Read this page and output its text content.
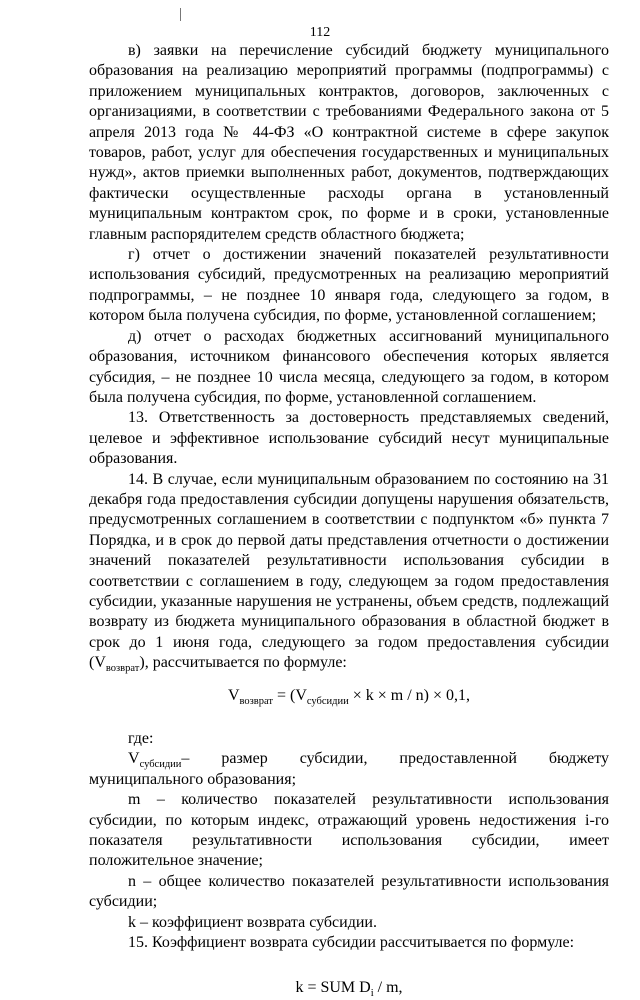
112

в) заявки на перечисление субсидий бюджету муниципального образования на реализацию мероприятий программы (подпрограммы) с приложением муниципальных контрактов, договоров, заключенных с организациями, в соответствии с требованиями Федерального закона от 5 апреля 2013 года № 44-ФЗ «О контрактной системе в сфере закупок товаров, работ, услуг для обеспечения государственных и муниципальных нужд», актов приемки выполненных работ, документов, подтверждающих фактически осуществленные расходы органа в установленный муниципальным контрактом срок, по форме и в сроки, установленные главным распорядителем средств областного бюджета;

г) отчет о достижении значений показателей результативности использования субсидий, предусмотренных на реализацию мероприятий подпрограммы, – не позднее 10 января года, следующего за годом, в котором была получена субсидия, по форме, установленной соглашением;

д) отчет о расходах бюджетных ассигнований муниципального образования, источником финансового обеспечения которых является субсидия, – не позднее 10 числа месяца, следующего за годом, в котором была получена субсидия, по форме, установленной соглашением.

13. Ответственность за достоверность представляемых сведений, целевое и эффективное использование субсидий несут муниципальные образования.

14. В случае, если муниципальным образованием по состоянию на 31 декабря года предоставления субсидии допущены нарушения обязательств, предусмотренных соглашением в соответствии с подпунктом «б» пункта 7 Порядка, и в срок до первой даты представления отчетности о достижении значений показателей результативности использования субсидии в соответствии с соглашением в году, следующем за годом предоставления субсидии, указанные нарушения не устранены, объем средств, подлежащий возврату из бюджета муниципального образования в областной бюджет в срок до 1 июня года, следующего за годом предоставления субсидии $(V_{возврат})$, рассчитывается по формуле:

$V_{возврат} = (V_{субсидии} \times k \times m / n) \times 0,1$,

где:

$V_{субсидии}-$ размер субсидии, предоставленной бюджету муниципального образования;

m – количество показателей результативности использования субсидии, по которым индекс, отражающий уровень недостижения i-го показателя результативности использования субсидии, имеет положительное значение;

n – общее количество показателей результативности использования субсидии;

k – коэффициент возврата субсидии.

15. Коэффициент возврата субсидии рассчитывается по формуле:

k = SUM $D_i$ / m,
